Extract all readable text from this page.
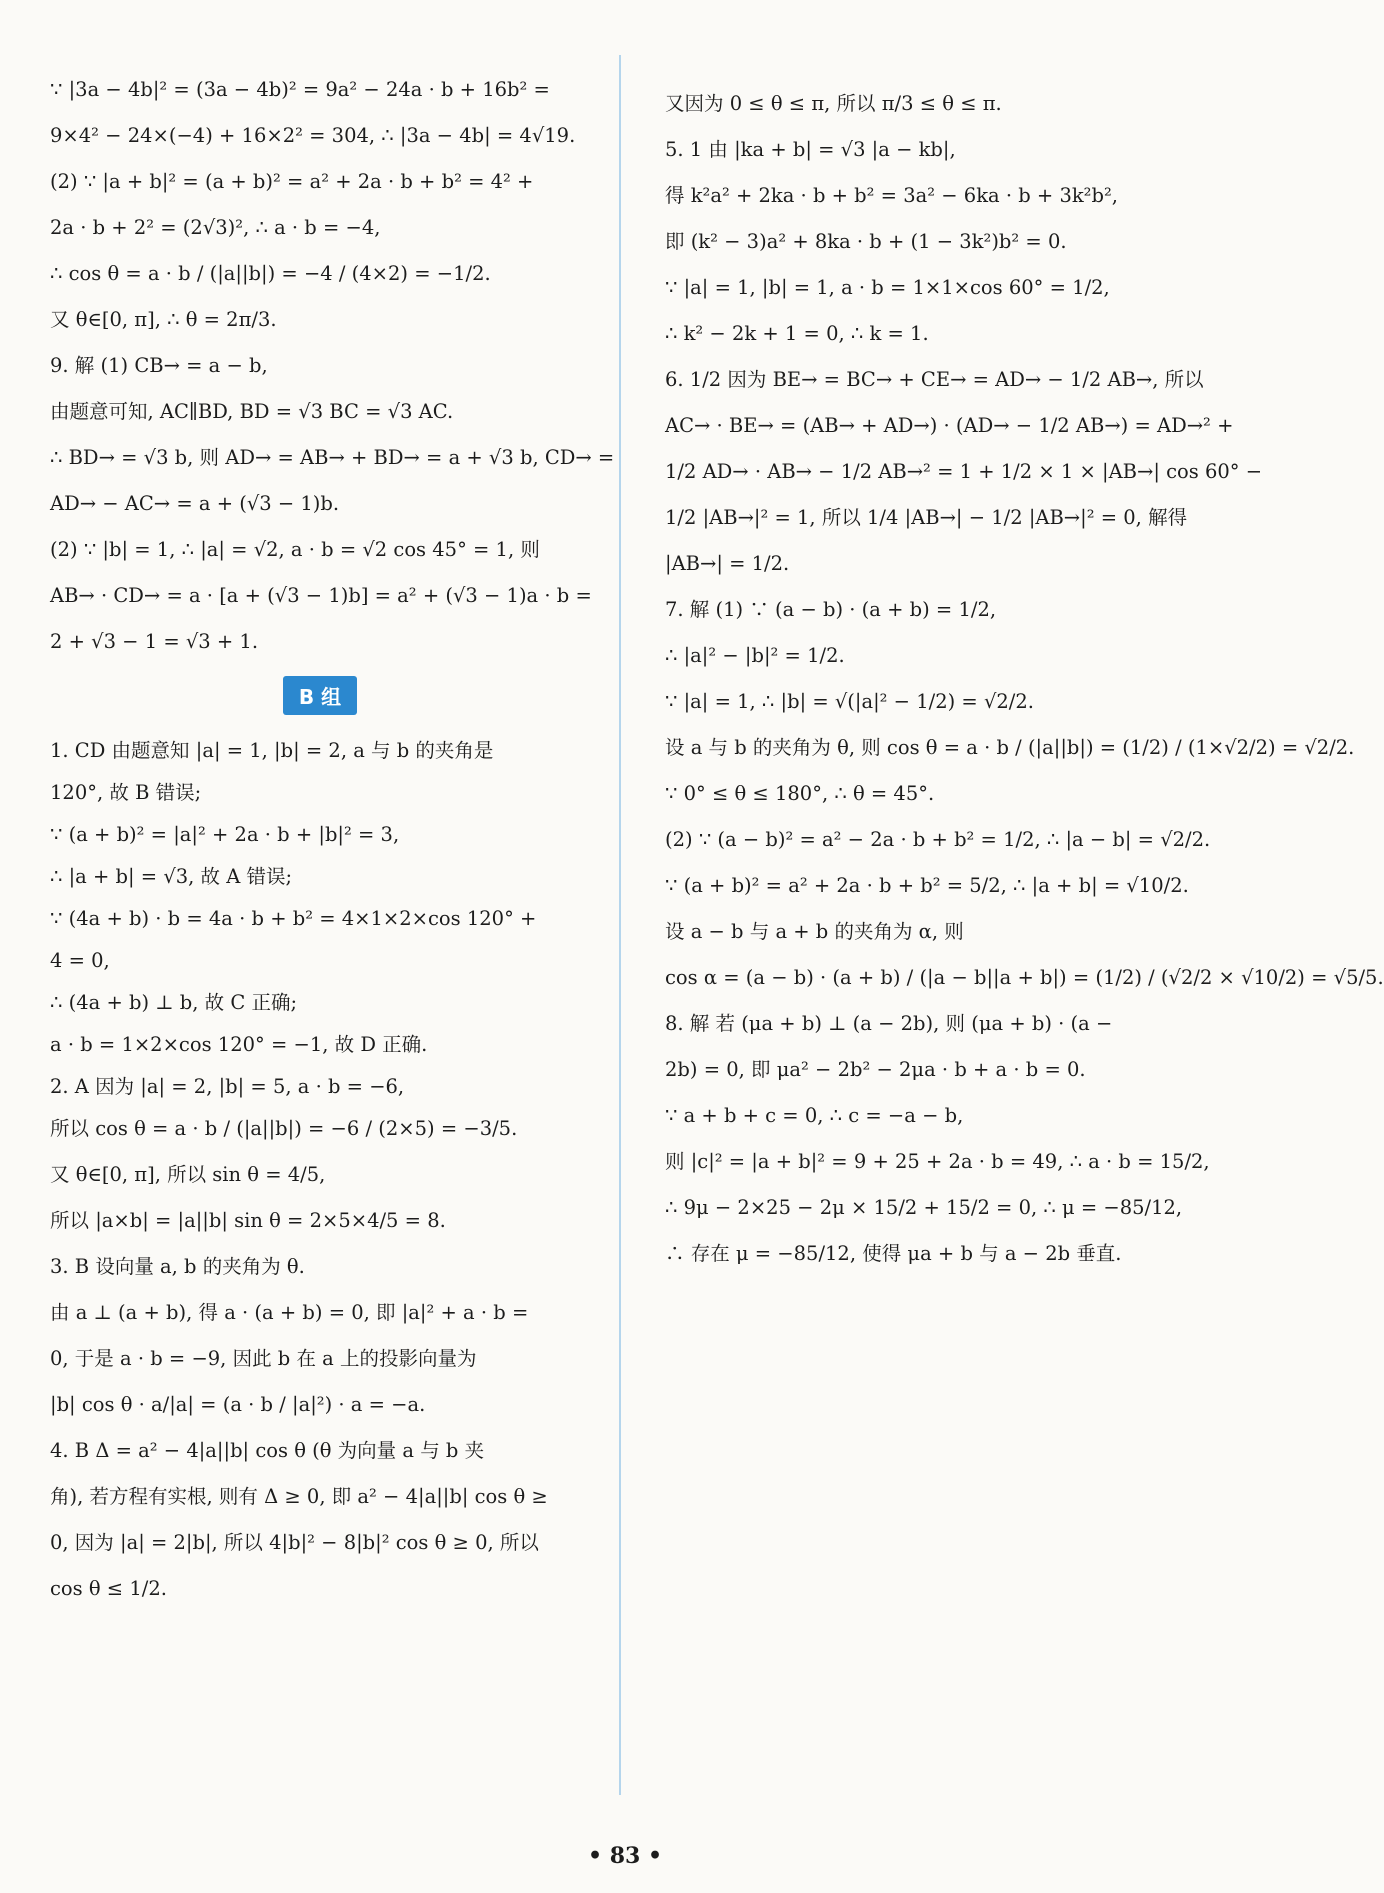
∵ |3a − 4b|² = (3a − 4b)² = 9a² − 24a · b + 16b² =
9×4² − 24×(−4) + 16×2² = 304, ∴ |3a − 4b| = 4√19.
(2) ∵ |a + b|² = (a + b)² = a² + 2a · b + b² = 4² +
2a · b + 2² = (2√3)², ∴ a · b = −4,
∴ cos θ = a · b / (|a||b|) = −4 / (4×2) = −1/2.
又 θ∈[0, π], ∴ θ = 2π/3.
9. 解 (1) CB→ = a − b,
由题意可知, AC∥BD, BD = √3 BC = √3 AC.
∴ BD→ = √3 b, 则 AD→ = AB→ + BD→ = a + √3 b, CD→ =
AD→ − AC→ = a + (√3 − 1)b.
(2) ∵ |b| = 1, ∴ |a| = √2, a · b = √2 cos 45° = 1, 则
AB→ · CD→ = a · [a + (√3 − 1)b] = a² + (√3 − 1)a · b =
2 + √3 − 1 = √3 + 1.
B 组
1. CD 由题意知 |a| = 1, |b| = 2, a 与 b 的夹角是
120°, 故 B 错误;
∵ (a + b)² = |a|² + 2a · b + |b|² = 3,
∴ |a + b| = √3, 故 A 错误;
∵ (4a + b) · b = 4a · b + b² = 4×1×2×cos 120° +
4 = 0,
∴ (4a + b) ⊥ b, 故 C 正确;
a · b = 1×2×cos 120° = −1, 故 D 正确.
2. A 因为 |a| = 2, |b| = 5, a · b = −6,
所以 cos θ = a · b / (|a||b|) = −6 / (2×5) = −3/5.
又 θ∈[0, π], 所以 sin θ = 4/5,
所以 |a×b| = |a||b| sin θ = 2×5×4/5 = 8.
3. B 设向量 a, b 的夹角为 θ.
由 a ⊥ (a + b), 得 a · (a + b) = 0, 即 |a|² + a · b =
0, 于是 a · b = −9, 因此 b 在 a 上的投影向量为
|b| cos θ · a/|a| = (a · b / |a|²) · a = −a.
4. B Δ = a² − 4|a||b| cos θ (θ 为向量 a 与 b 夹
角), 若方程有实根, 则有 Δ ≥ 0, 即 a² − 4|a||b| cos θ ≥
0, 因为 |a| = 2|b|, 所以 4|b|² − 8|b|² cos θ ≥ 0, 所以
cos θ ≤ 1/2.
又因为 0 ≤ θ ≤ π, 所以 π/3 ≤ θ ≤ π.
5. 1 由 |ka + b| = √3 |a − kb|,
得 k²a² + 2ka · b + b² = 3a² − 6ka · b + 3k²b²,
即 (k² − 3)a² + 8ka · b + (1 − 3k²)b² = 0.
∵ |a| = 1, |b| = 1, a · b = 1×1×cos 60° = 1/2,
∴ k² − 2k + 1 = 0, ∴ k = 1.
6. 1/2 因为 BE→ = BC→ + CE→ = AD→ − 1/2 AB→, 所以
AC→ · BE→ = (AB→ + AD→) · (AD→ − 1/2 AB→) = AD→² +
1/2 AD→ · AB→ − 1/2 AB→² = 1 + 1/2 × 1 × |AB→| cos 60° −
1/2 |AB→|² = 1, 所以 1/4 |AB→| − 1/2 |AB→|² = 0, 解得
|AB→| = 1/2.
7. 解 (1) ∵ (a − b) · (a + b) = 1/2,
∴ |a|² − |b|² = 1/2.
∵ |a| = 1, ∴ |b| = √(|a|² − 1/2) = √2/2.
设 a 与 b 的夹角为 θ, 则 cos θ = a · b / (|a||b|) = (1/2) / (1×√2/2) = √2/2.
∵ 0° ≤ θ ≤ 180°, ∴ θ = 45°.
(2) ∵ (a − b)² = a² − 2a · b + b² = 1/2, ∴ |a − b| = √2/2.
∵ (a + b)² = a² + 2a · b + b² = 5/2, ∴ |a + b| = √10/2.
设 a − b 与 a + b 的夹角为 α, 则
cos α = (a − b) · (a + b) / (|a − b||a + b|) = (1/2) / (√2/2 × √10/2) = √5/5.
8. 解 若 (μa + b) ⊥ (a − 2b), 则 (μa + b) · (a −
2b) = 0, 即 μa² − 2b² − 2μa · b + a · b = 0.
∵ a + b + c = 0, ∴ c = −a − b,
则 |c|² = |a + b|² = 9 + 25 + 2a · b = 49, ∴ a · b = 15/2,
∴ 9μ − 2×25 − 2μ × 15/2 + 15/2 = 0, ∴ μ = −85/12,
∴ 存在 μ = −85/12, 使得 μa + b 与 a − 2b 垂直.
• 83 •
